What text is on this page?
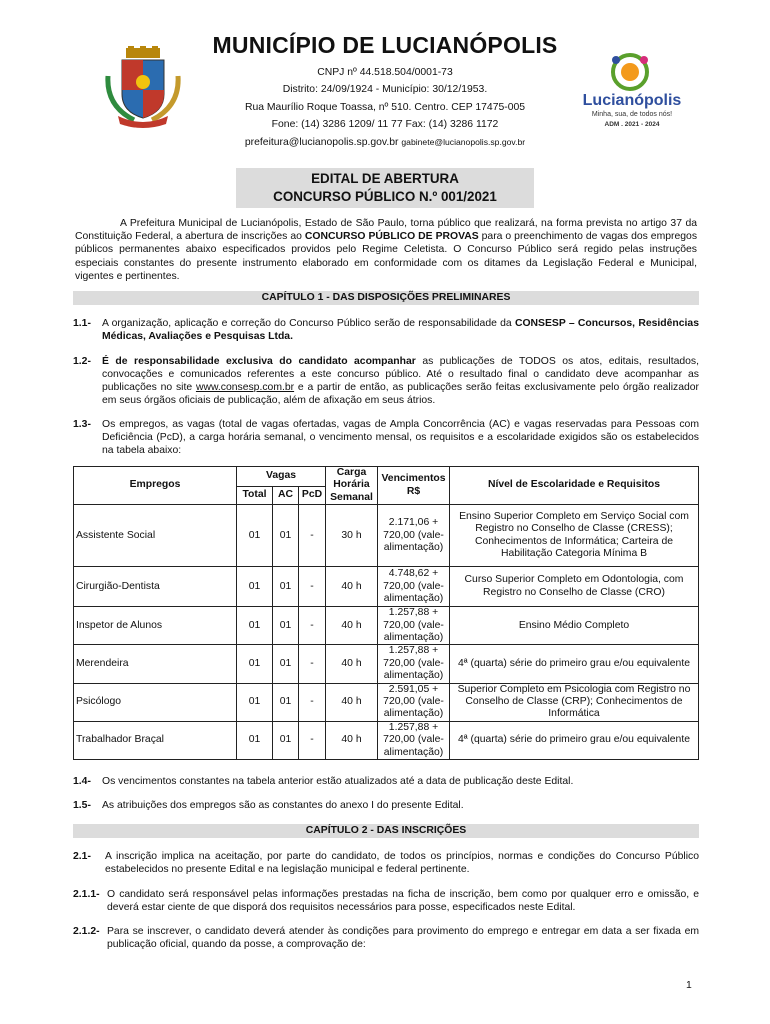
MUNICÍPIO DE LUCIANÓPOLIS
CNPJ nº 44.518.504/0001-73
Distrito: 24/09/1924 - Município: 30/12/1953.
Rua Maurílio Roque Toassa, nº 510. Centro. CEP 17475-005
Fone: (14) 3286 1209/ 11 77 Fax: (14) 3286 1172
prefeitura@lucianopolis.sp.gov.br gabinete@lucianopolis.sp.gov.br
Lucianópolis
Minha, sua, de todos nós!
ADM . 2021 - 2024
EDITAL DE ABERTURA
CONCURSO PÚBLICO N.º 001/2021
A Prefeitura Municipal de Lucianópolis, Estado de São Paulo, torna público que realizará, na forma prevista no artigo 37 da Constituição Federal, a abertura de inscrições ao CONCURSO PÚBLICO DE PROVAS para o preenchimento de vagas dos empregos públicos permanentes abaixo especificados providos pelo Regime Celetista. O Concurso Público será regido pelas instruções especiais constantes do presente instrumento elaborado em conformidade com os ditames da Legislação Federal e Municipal, vigentes e pertinentes.
CAPÍTULO 1 - DAS DISPOSIÇÕES PRELIMINARES
1.1- A organização, aplicação e correção do Concurso Público serão de responsabilidade da CONSESP – Concursos, Residências Médicas, Avaliações e Pesquisas Ltda.
1.2- É de responsabilidade exclusiva do candidato acompanhar as publicações de TODOS os atos, editais, resultados, convocações e comunicados referentes a este concurso público. Até o resultado final o candidato deve acompanhar as publicações no site www.consesp.com.br e a partir de então, as publicações serão feitas exclusivamente pelo órgão realizador em seus órgãos oficiais de publicação, além de afixação em seus átrios.
1.3- Os empregos, as vagas (total de vagas ofertadas, vagas de Ampla Concorrência (AC) e vagas reservadas para Pessoas com Deficiência (PcD), a carga horária semanal, o vencimento mensal, os requisitos e a escolaridade exigidos são os estabelecidos na tabela abaixo:
Empregos	Vagas			Carga Horária Semanal	Vencimentos R$	Nível de Escolaridade e Requisitos
	Total	AC	PcD			
Assistente Social	01	01	-	30 h	2.171,06 + 720,00 (vale-alimentação)	Ensino Superior Completo em Serviço Social com Registro no Conselho de Classe (CRESS); Conhecimentos de Informática; Carteira de Habilitação Categoria Mínima B
Cirurgião-Dentista	01	01	-	40 h	4.748,62 + 720,00 (vale-alimentação)	Curso Superior Completo em Odontologia, com Registro no Conselho de Classe (CRO)
Inspetor de Alunos	01	01	-	40 h	1.257,88 + 720,00 (vale-alimentação)	Ensino Médio Completo
Merendeira	01	01	-	40 h	1.257,88 + 720,00 (vale-alimentação)	4ª (quarta) série do primeiro grau e/ou equivalente
Psicólogo	01	01	-	40 h	2.591,05 + 720,00 (vale-alimentação)	Superior Completo em Psicologia com Registro no Conselho de Classe (CRP); Conhecimentos de Informática
Trabalhador Braçal	01	01	-	40 h	1.257,88 + 720,00 (vale-alimentação)	4ª (quarta) série do primeiro grau e/ou equivalente
1.4- Os vencimentos constantes na tabela anterior estão atualizados até a data de publicação deste Edital.
1.5- As atribuições dos empregos são as constantes do anexo I do presente Edital.
CAPÍTULO 2 - DAS INSCRIÇÕES
2.1- A inscrição implica na aceitação, por parte do candidato, de todos os princípios, normas e condições do Concurso Público estabelecidos no presente Edital e na legislação municipal e federal pertinente.
2.1.1- O candidato será responsável pelas informações prestadas na ficha de inscrição, bem como por qualquer erro e omissão, e deverá estar ciente de que disporá dos requisitos necessários para posse, especificados neste Edital.
2.1.2- Para se inscrever, o candidato deverá atender às condições para provimento do emprego e entregar em data a ser fixada em publicação oficial, quando da posse, a comprovação de:
1
